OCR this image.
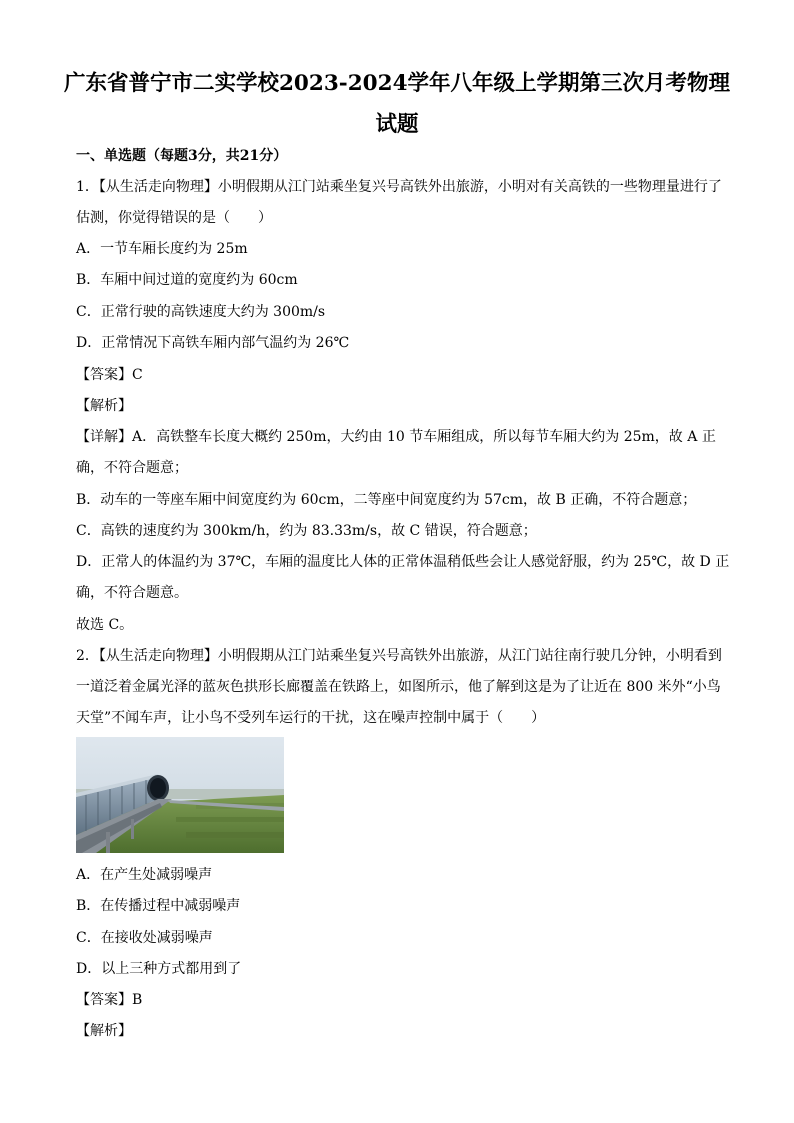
广东省普宁市二实学校2023-2024学年八年级上学期第三次月考物理
试题
一、单选题（每题3分，共21分）
1．【从生活走向物理】小明假期从江门站乘坐复兴号高铁外出旅游，小明对有关高铁的一些物理量进行了
估测，你觉得错误的是（　　）
A．一节车厢长度约为 25m
B．车厢中间过道的宽度约为 60cm
C．正常行驶的高铁速度大约为 300m/s
D．正常情况下高铁车厢内部气温约为 26℃
【答案】C
【解析】
【详解】A．高铁整车长度大概约 250m，大约由 10 节车厢组成，所以每节车厢大约为 25m，故 A 正
确，不符合题意；
B．动车的一等座车厢中间宽度约为 60cm，二等座中间宽度约为 57cm，故 B 正确，不符合题意；
C．高铁的速度约为 300km/h，约为 83.33m/s，故 C 错误，符合题意；
D．正常人的体温约为 37℃，车厢的温度比人体的正常体温稍低些会让人感觉舒服，约为 25℃，故 D 正
确，不符合题意。
故选 C。
2．【从生活走向物理】小明假期从江门站乘坐复兴号高铁外出旅游，从江门站往南行驶几分钟，小明看到
一道泛着金属光泽的蓝灰色拱形长廊覆盖在铁路上，如图所示，他了解到这是为了让近在 800 米外“小鸟
天堂”不闻车声，让小鸟不受列车运行的干扰，这在噪声控制中属于（　　）
A．在产生处减弱噪声
B．在传播过程中减弱噪声
C．在接收处减弱噪声
D．以上三种方式都用到了
【答案】B
【解析】
